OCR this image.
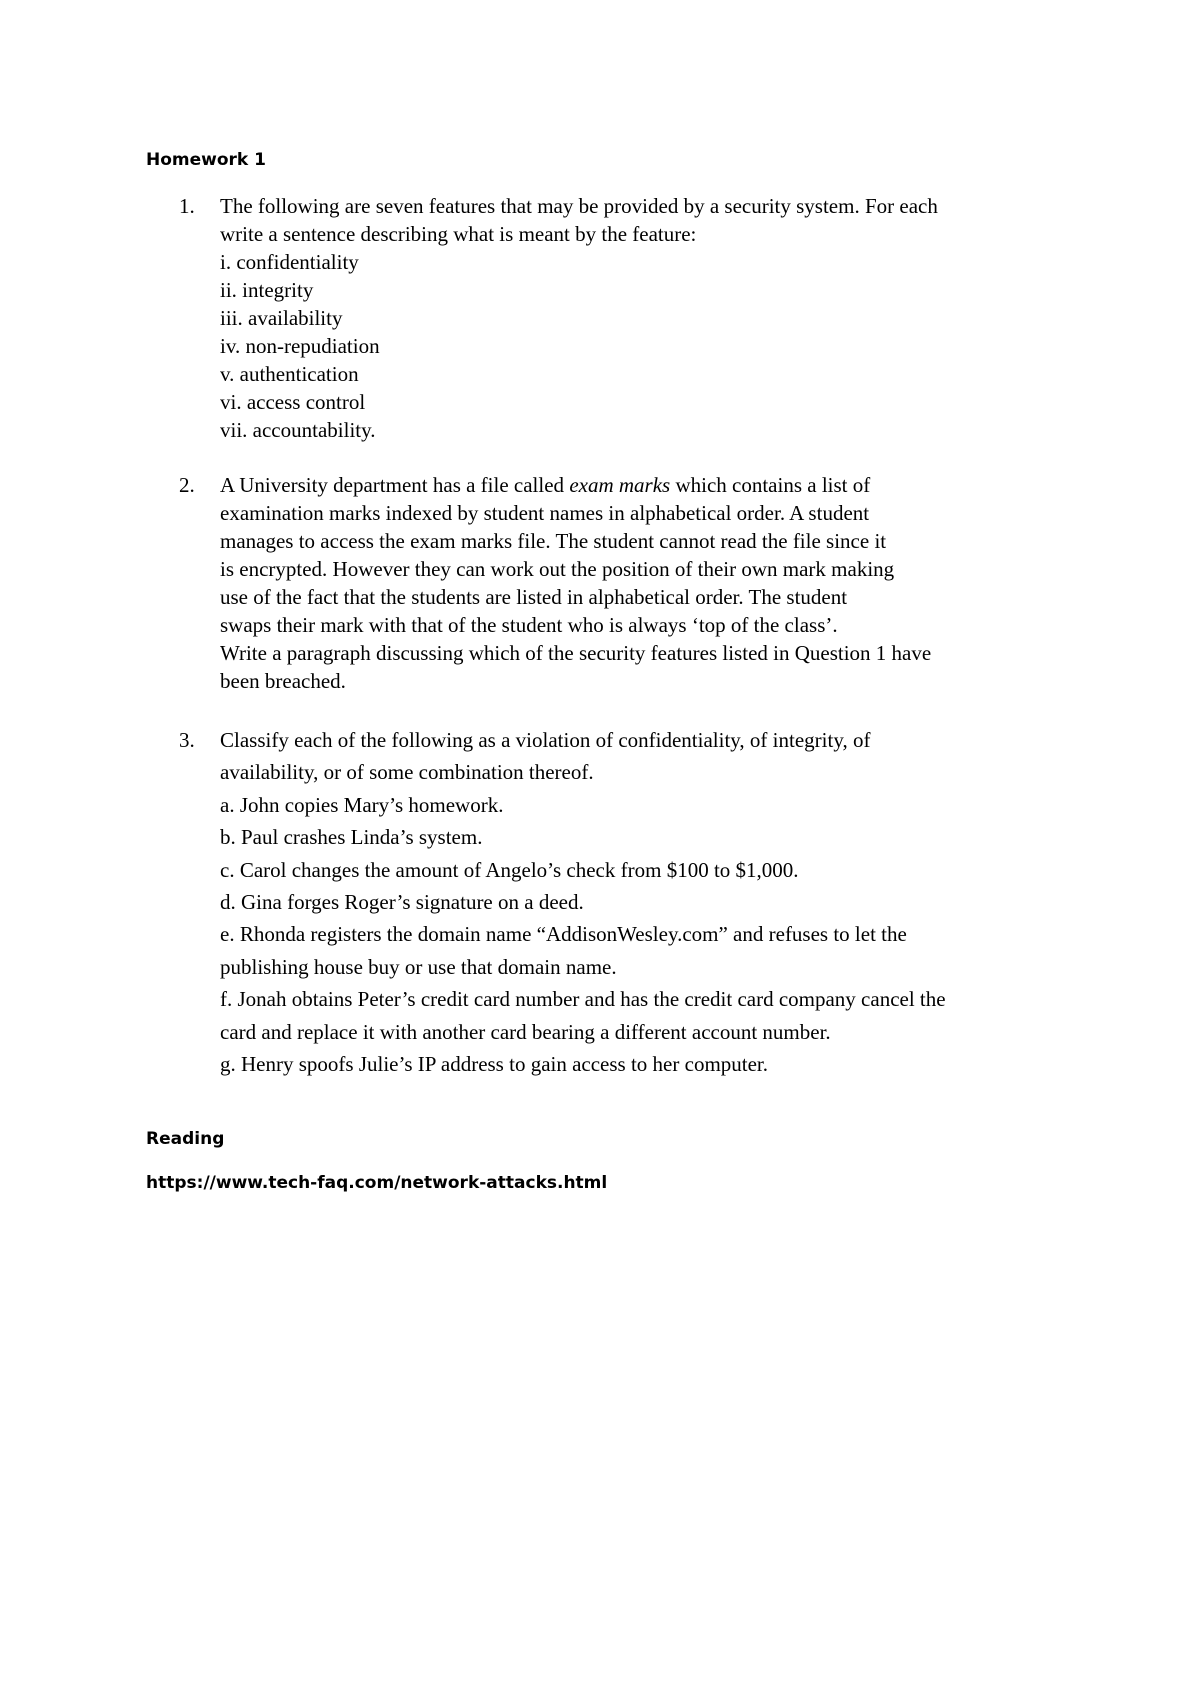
Homework 1
1.	The following are seven features that may be provided by a security system. For each
write a sentence describing what is meant by the feature:
i. confidentiality
ii. integrity
iii. availability
iv. non-repudiation
v. authentication
vi. access control
vii. accountability.
2.	A University department has a file called exam marks which contains a list of
examination marks indexed by student names in alphabetical order. A student
manages to access the exam marks file. The student cannot read the file since it
is encrypted. However they can work out the position of their own mark making
use of the fact that the students are listed in alphabetical order. The student
swaps their mark with that of the student who is always ‘top of the class’.
Write a paragraph discussing which of the security features listed in Question 1 have
been breached.
3.	Classify each of the following as a violation of confidentiality, of integrity, of
availability, or of some combination thereof.
a. John copies Mary’s homework.
b. Paul crashes Linda’s system.
c. Carol changes the amount of Angelo’s check from $100 to $1,000.
d. Gina forges Roger’s signature on a deed.
e. Rhonda registers the domain name “AddisonWesley.com” and refuses to let the
publishing house buy or use that domain name.
f. Jonah obtains Peter’s credit card number and has the credit card company cancel the
card and replace it with another card bearing a different account number.
g. Henry spoofs Julie’s IP address to gain access to her computer.
Reading
https://www.tech-faq.com/network-attacks.html
